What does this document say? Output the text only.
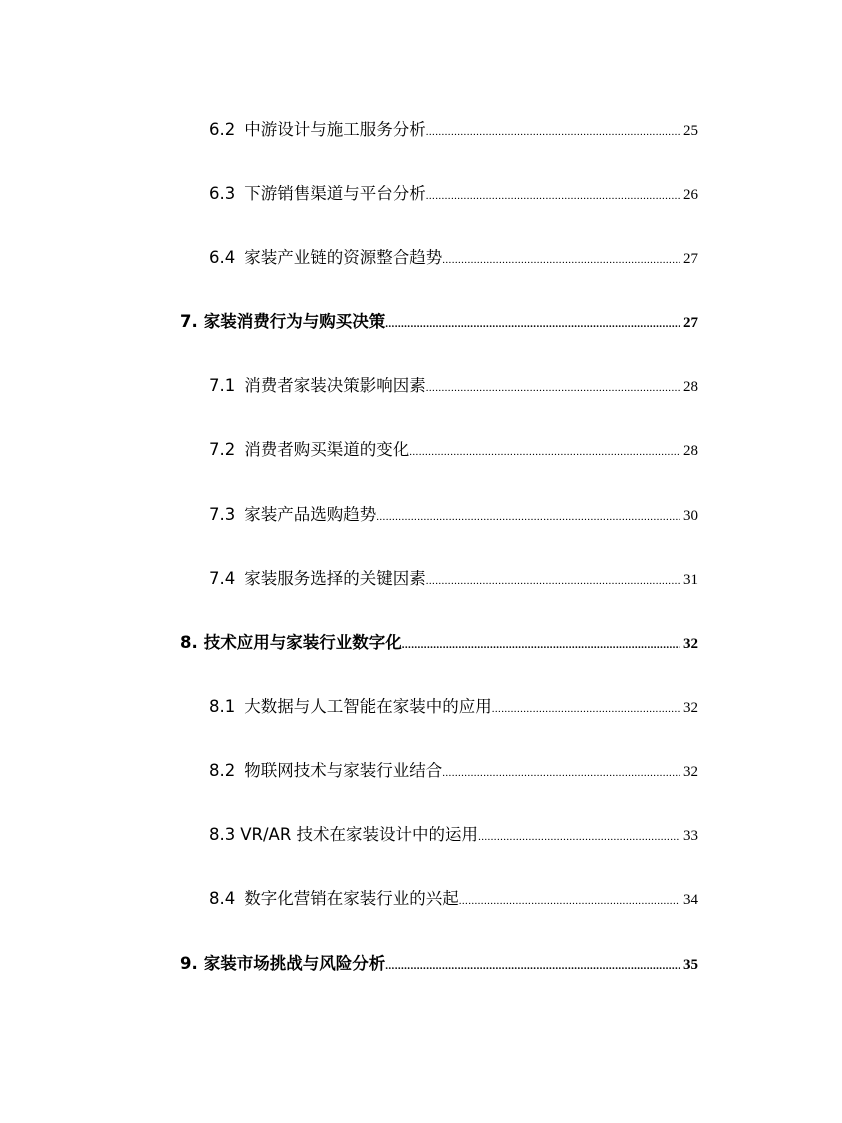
6.2 中游设计与施工服务分析 .....	25
6.3 下游销售渠道与平台分析 .....	26
6.4 家装产业链的资源整合趋势 .....	27
7. 家装消费行为与购买决策 .....	27
7.1 消费者家装决策影响因素 .....	28
7.2 消费者购买渠道的变化 .....	28
7.3 家装产品选购趋势 .....	30
7.4 家装服务选择的关键因素 .....	31
8. 技术应用与家装行业数字化 .....	32
8.1 大数据与人工智能在家装中的应用 .....	32
8.2 物联网技术与家装行业结合 .....	32
8.3 VR/AR 技术在家装设计中的运用 .....	33
8.4 数字化营销在家装行业的兴起 .....	34
9. 家装市场挑战与风险分析 .....	35
